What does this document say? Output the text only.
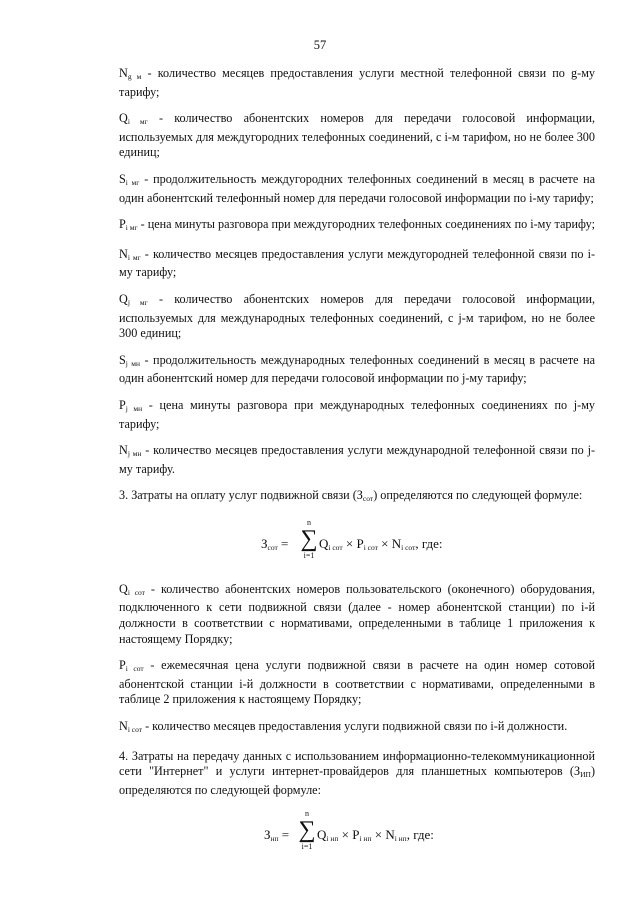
57

$N_{g м}$ - количество месяцев предоставления услуги местной телефонной связи по g-му тарифу;

$Q_{i мг}$ - количество абонентских номеров для передачи голосовой информации, используемых для междугородних телефонных соединений, с i-м тарифом, но не более 300 единиц;

$S_{i мг}$ - продолжительность междугородних телефонных соединений в месяц в расчете на один абонентский телефонный номер для передачи голосовой информации по i-му тарифу;

$P_{i мг}$ - цена минуты разговора при междугородних телефонных соединениях по i-му тарифу;

$N_{i мг}$ - количество месяцев предоставления услуги междугородней телефонной связи по i-му тарифу;

$Q_{j мг}$ - количество абонентских номеров для передачи голосовой информации, используемых для международных телефонных соединений, с j-м тарифом, но не более 300 единиц;

$S_{j мн}$ - продолжительность международных телефонных соединений в месяц в расчете на один абонентский номер для передачи голосовой информации по j-му тарифу;

$P_{j мн}$ - цена минуты разговора при международных телефонных соединениях по j-му тарифу;

$N_{j мн}$ - количество месяцев предоставления услуги международной телефонной связи по j-му тарифу.

3. Затраты на оплату услуг подвижной связи $(З_{сот})$ определяются по следующей формуле:

$З_{сот}$ =
n
∑
i=1
$Q_{i сот} \times P_{i сот} \times N_{i сот}$, где:

$Q_{i сот}$ - количество абонентских номеров пользовательского (оконечного) оборудования, подключенного к сети подвижной связи (далее - номер абонентской станции) по i-й должности в соответствии с нормативами, определенными в таблице 1 приложения к настоящему Порядку;

$P_{i сот}$ - ежемесячная цена услуги подвижной связи в расчете на один номер сотовой абонентской станции i-й должности в соответствии с нормативами, определенными в таблице 2 приложения к настоящему Порядку;

$N_{i сот}$ - количество месяцев предоставления услуги подвижной связи по i-й должности.

4. Затраты на передачу данных с использованием информационно-телекоммуникационной сети "Интернет" и услуги интернет-провайдеров для планшетных компьютеров $(З_{ИП})$ определяются по следующей формуле:

$З_{нп}$ =
n
∑
i=1
$Q_{i нп} \times P_{i нп} \times N_{i нп}$, где:
